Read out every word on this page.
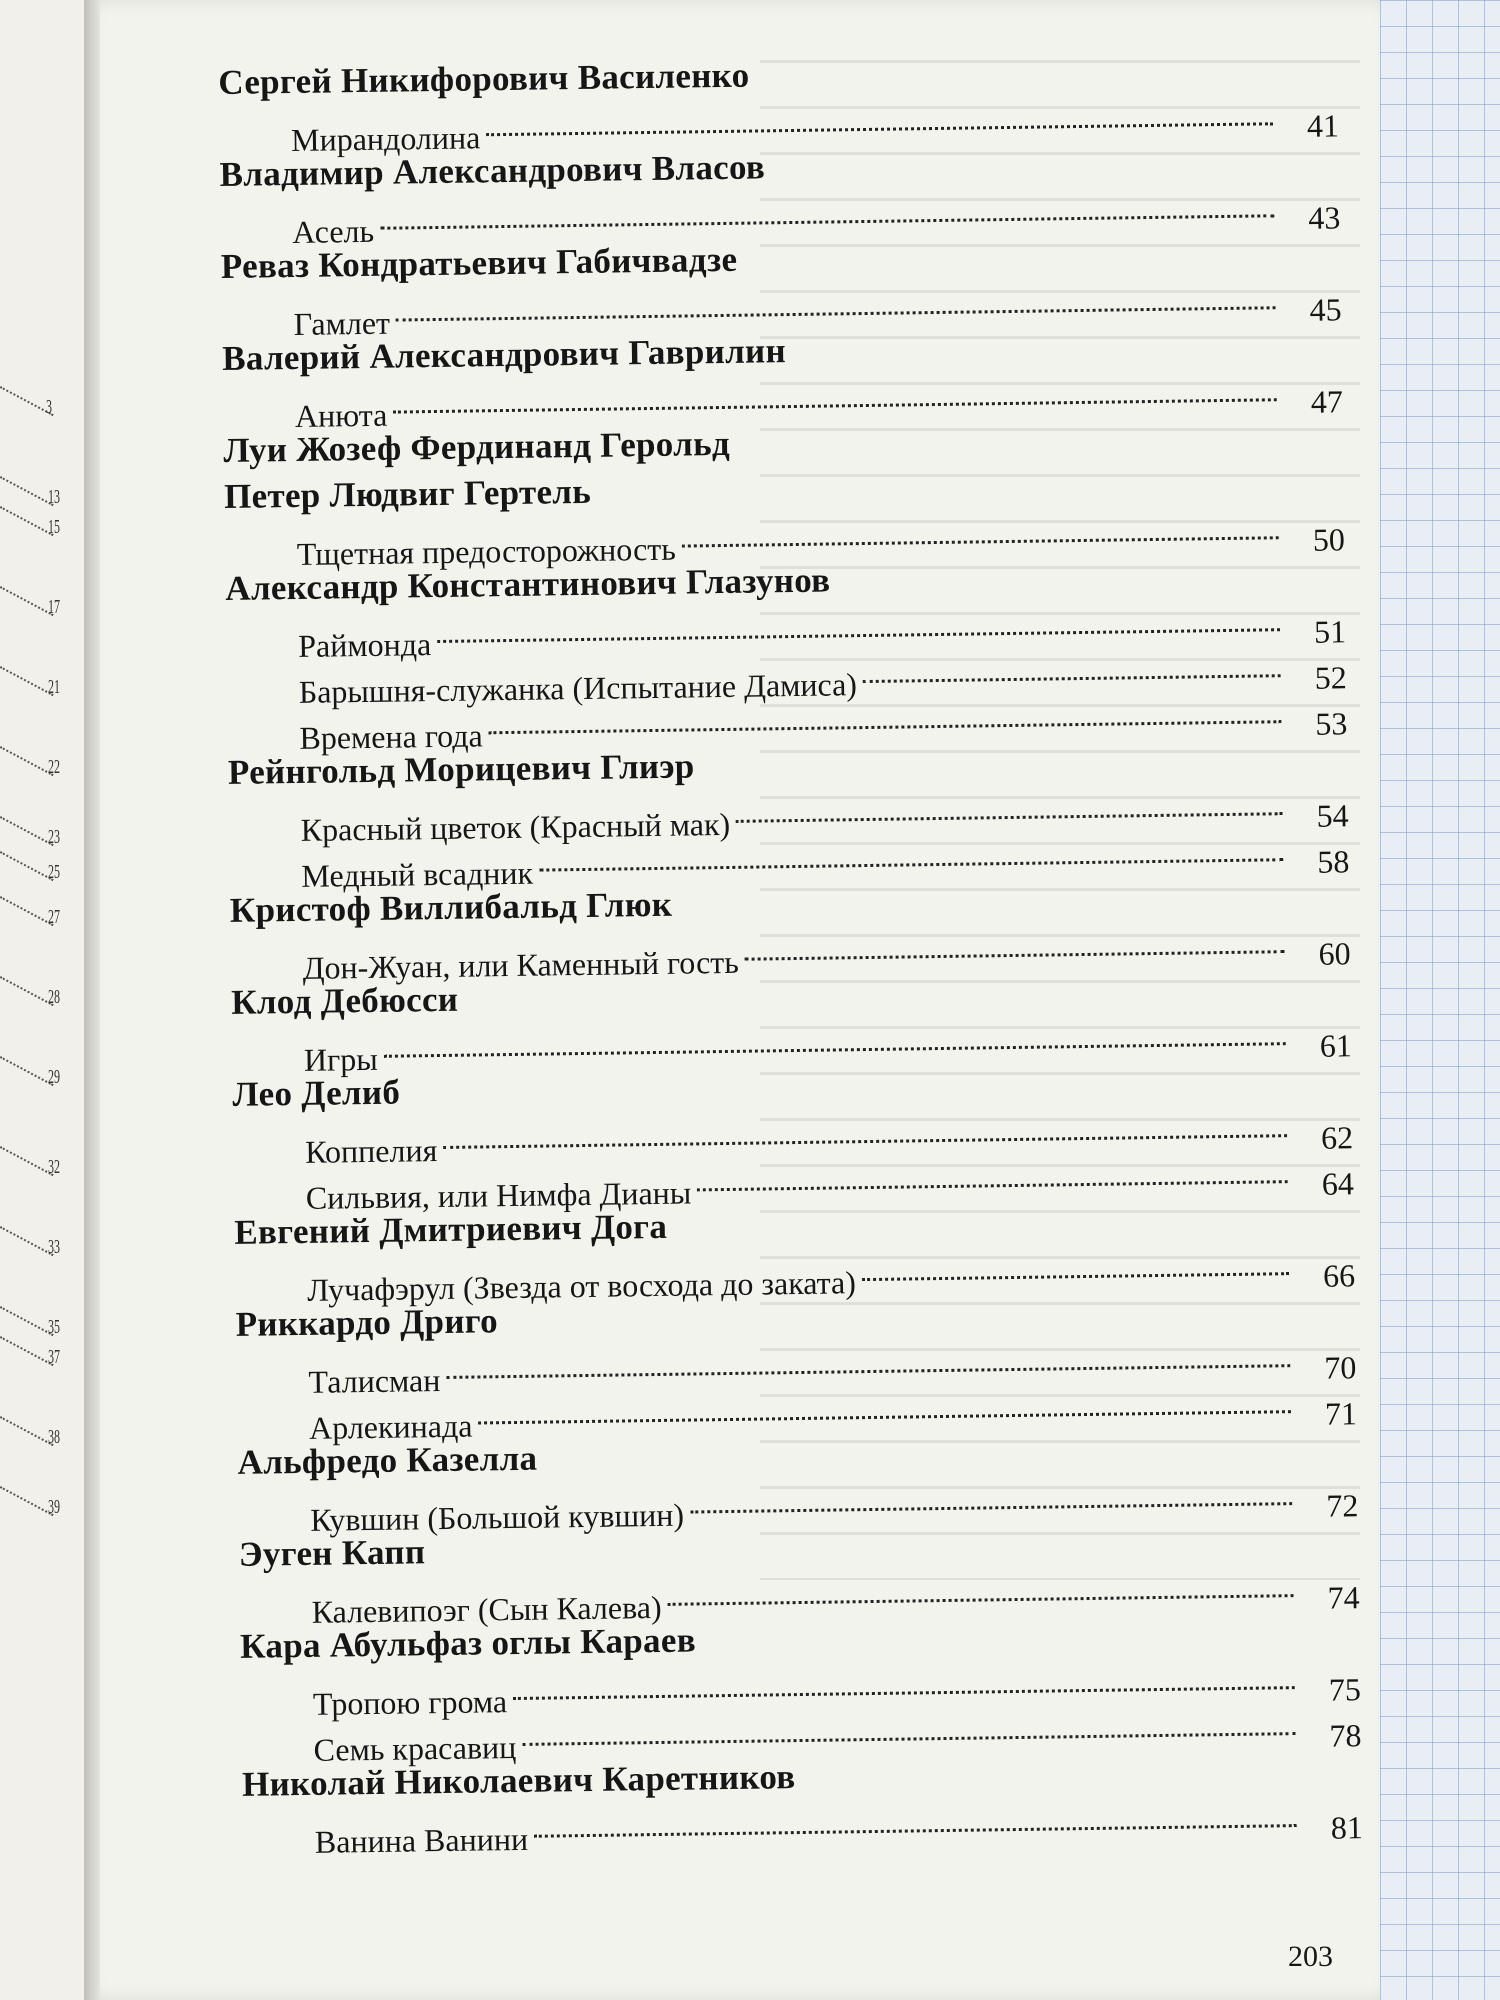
3
13
15
17
21
22
23
25
27
28
29
32
33
35
37
38
39
Сергей Никифорович Василенко
Мирандолина	41
Владимир Александрович Власов
Асель	43
Реваз Кондратьевич Габичвадзе
Гамлет	45
Валерий Александрович Гаврилин
Анюта	47
Луи Жозеф Фердинанд Герольд
Петер Людвиг Гертель
Тщетная предосторожность	50
Александр Константинович Глазунов
Раймонда	51
Барышня-служанка (Испытание Дамиса)	52
Времена года	53
Рейнгольд Морицевич Глиэр
Красный цветок (Красный мак)	54
Медный всадник	58
Кристоф Виллибальд Глюк
Дон-Жуан, или Каменный гость	60
Клод Дебюсси
Игры	61
Лео Делиб
Коппелия	62
Сильвия, или Нимфа Дианы	64
Евгений Дмитриевич Дога
Лучафэрул (Звезда от восхода до заката)	66
Риккардо Дриго
Талисман	70
Арлекинада	71
Альфредо Казелла
Кувшин (Большой кувшин)	72
Эуген Капп
Калевипоэг (Сын Калева)	74
Кара Абульфаз оглы Караев
Тропою грома	75
Семь красавиц	78
Николай Николаевич Каретников
Ванина Ванини	81
203
